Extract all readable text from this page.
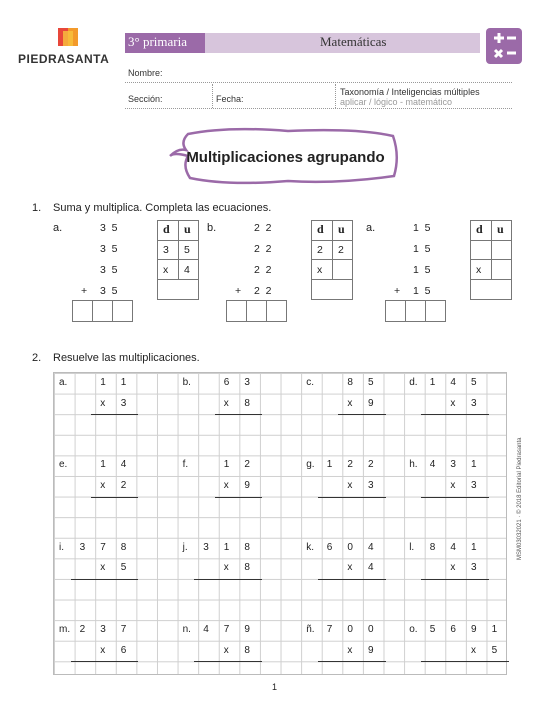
PIEDRASANTA
3° primaria	Matemáticas
Nombre:
Sección:	Fecha:
Taxonomía / Inteligencias múltiples
aplicar / lógico - matemático
Multiplicaciones agrupando
1. Suma y multiplica. Completa las ecuaciones.
a.	3  5
3  5
3  5
3  5
+
d u
3 5
x 4
b.	2  2
2  2
2  2
2  2
+
d u
2 2
x
a.	1  5
1  5
1  5
1  5
+
d u
x
2. Resuelve las multiplicaciones.
a.	1 1
x 3
b.	6 3
x 8
c.	8 5
x 9
d. 1 4 5
x 3
e.	1 4
x 2
f.	1 2
x 9
g. 1 2 2
x 3
h. 4 3 1
x 3
i. 3 7 8
x 5
j. 3 1 8
x 8
k. 6 0 4
x 4
l. 8 4 1
x 3
m. 2 3 7
x 6
n. 4 7 9
x 8
ñ. 7 0 0
x 9
o. 5 6 9 1
x 5
1
MSM03032021 · © 2018 Editorial Piedrasanta
